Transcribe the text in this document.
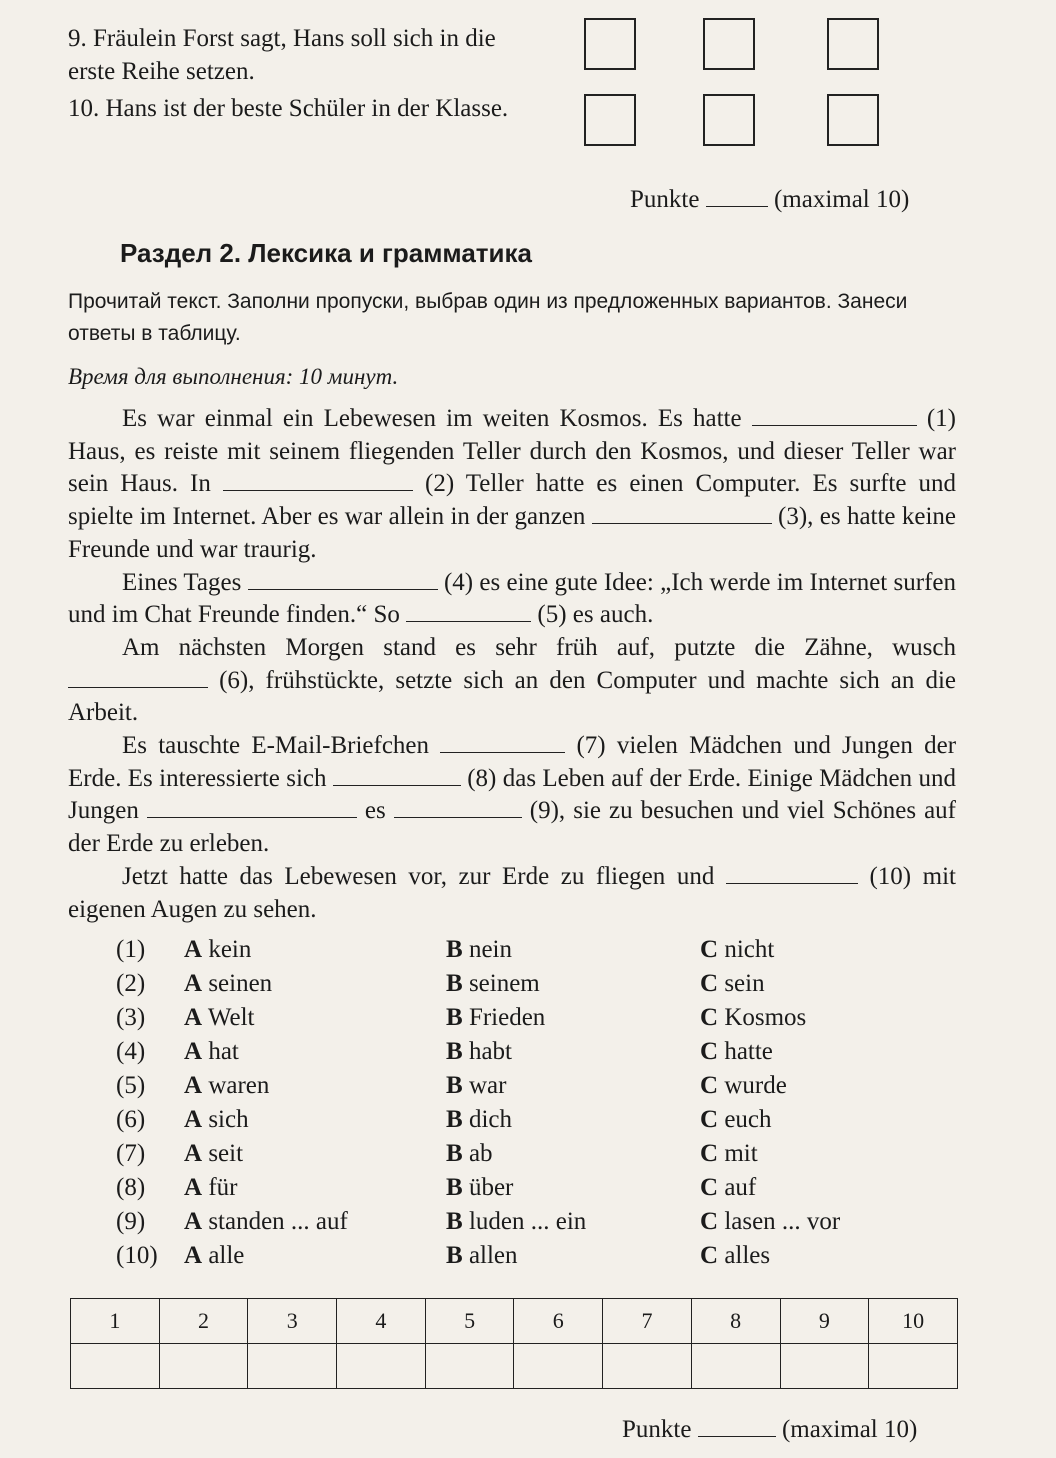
9. Fräulein Forst sagt, Hans soll sich in die erste Reihe setzen.
10. Hans ist der beste Schüler in der Klasse.
Punkte	(maximal 10)
Раздел 2. Лексика и грамматика
Прочитай текст. Заполни пропуски, выбрав один из предложенных вариантов. Занеси ответы в таблицу.
Время для выполнения: 10 минут.

Es war einmal ein Lebewesen im weiten Kosmos. Es hatte	(1) Haus, es reiste mit seinem fliegenden Teller durch den Kosmos, und dieser Teller war sein Haus. In	(2) Teller hatte es einen Computer. Es surfte und spielte im Internet. Aber es war allein in der ganzen	(3), es hatte keine Freunde und war traurig.

Eines Tages	(4) es eine gute Idee: „Ich werde im Internet surfen und im Chat Freunde finden.“ So	(5) es auch.

Am nächsten Morgen stand es sehr früh auf, putzte die Zähne, wusch  (6), frühstückte, setzte sich an den Computer und machte sich an die Arbeit.

Es tauschte E-Mail-Briefchen	(7) vielen Mädchen und Jungen der Erde. Es interessierte sich	(8) das Leben auf der Erde. Einige Mädchen und Jungen	es	(9), sie zu besuchen und viel Schönes auf der Erde zu erleben.

Jetzt hatte das Lebewesen vor, zur Erde zu fliegen und	(10) mit eigenen Augen zu sehen.

(1) A kein	B nein	C nicht
(2) A seinen	B seinem	C sein
(3) A Welt	B Frieden	C Kosmos
(4) A hat	B habt	C hatte
(5) A waren	B war	C wurde
(6) A sich	B dich	C euch
(7) A seit	B ab	C mit
(8) A für	B über	C auf
(9) A standen ... auf	B luden ... ein	C lasen ... vor
(10) A alle	B allen	C alles
1	2	3	4	5	6	7	8	9	10

Punkte	(maximal 10)
